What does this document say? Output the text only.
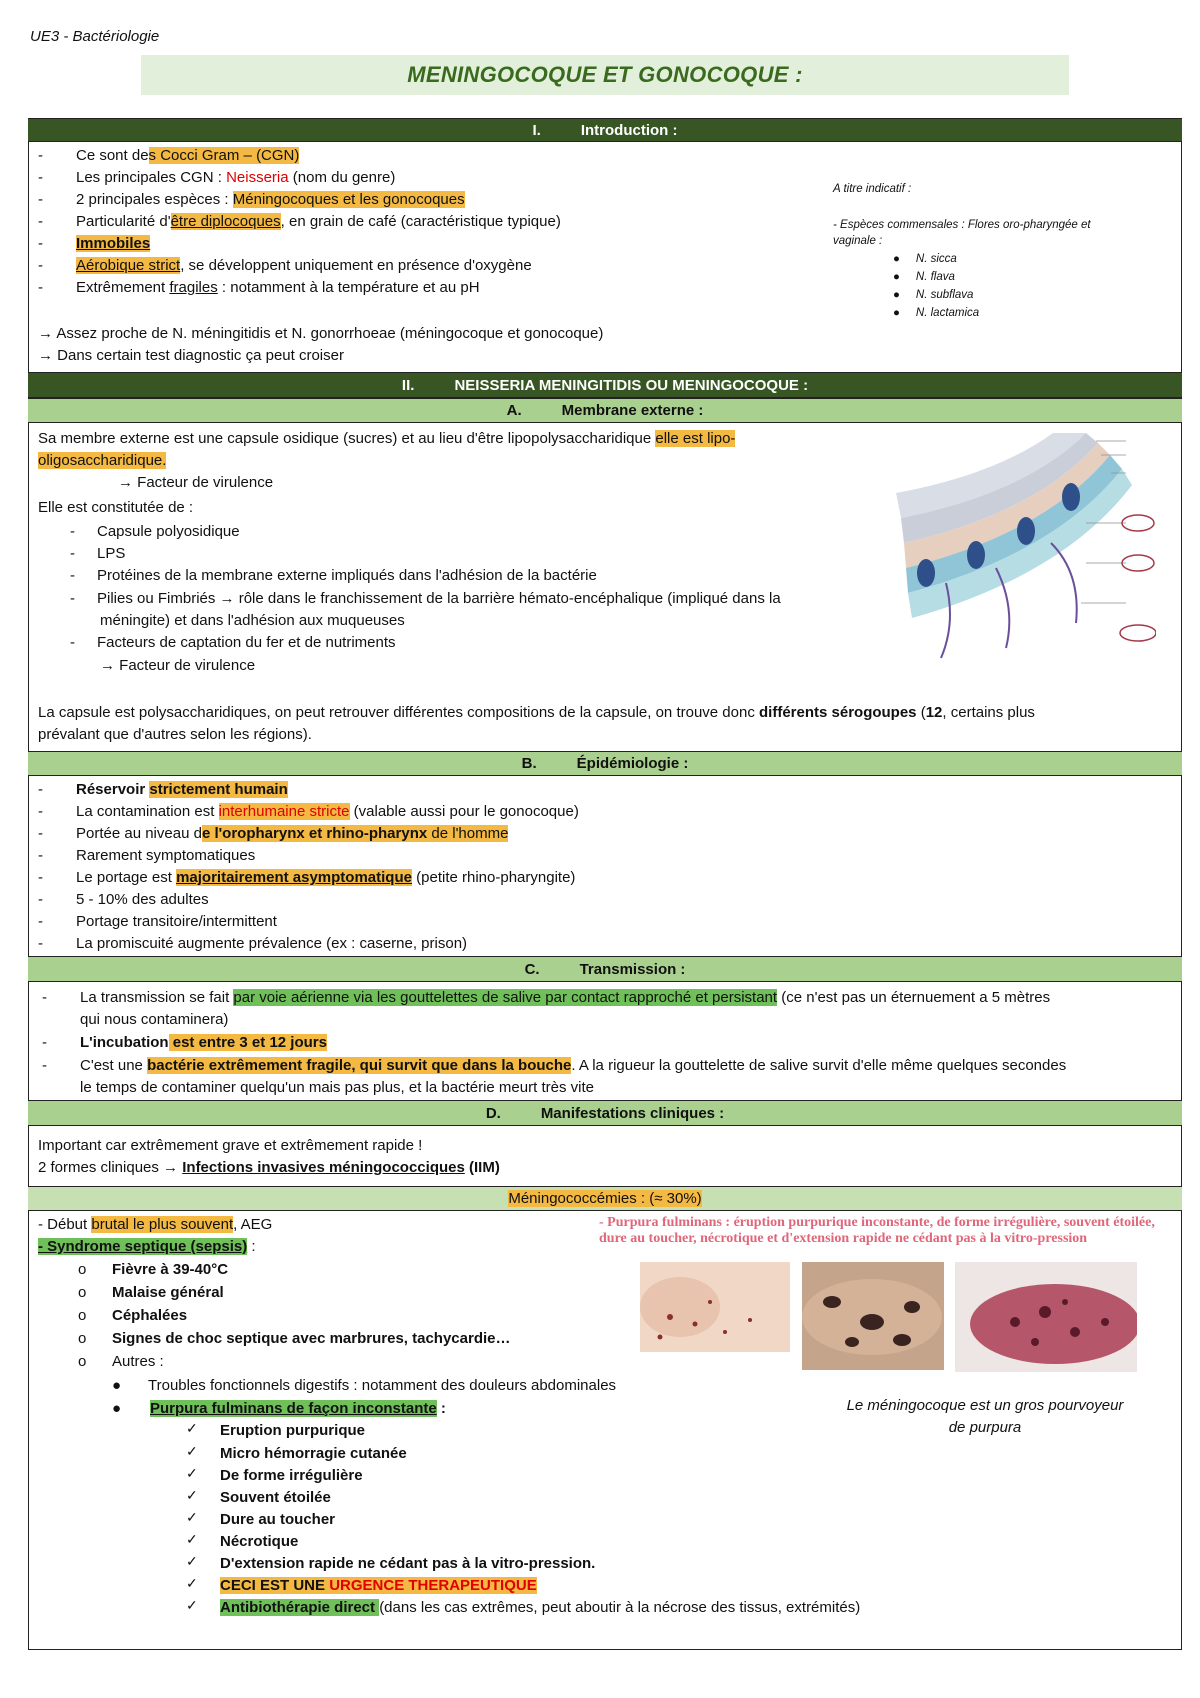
UE3 - Bactériologie
MENINGOCOQUE ET GONOCOQUE :
I.	Introduction :
- Ce sont des Cocci Gram – (CGN)
- Les principales CGN : Neisseria (nom du genre)
- 2 principales espèces : Méningocoques et les gonocoques
- Particularité d'être diplocoques, en grain de café (caractéristique typique)
- Immobiles
- Aérobique strict, se développent uniquement en présence d'oxygène
- Extrêmement fragiles : notamment à la température et au pH
→ Assez proche de N. méningitidis et N. gonorrhoeae (méningocoque et gonocoque)
→ Dans certain test diagnostic ça peut croiser
A titre indicatif :
- Espèces commensales : Flores oro-pharyngée et vaginale :
●     N. sicca
●     N. flava
●     N. subflava
●     N. lactamica
II.	NEISSERIA MENINGITIDIS OU MENINGOCOQUE :
A.	Membrane externe :
Sa membre externe est une capsule osidique (sucres) et au lieu d'être lipopolysaccharidique elle est lipo-
oligosaccharidique.
→ Facteur de virulence
Elle est constitutée de :
- Capsule polyosidique
- LPS
- Protéines de la membrane externe impliqués dans l'adhésion de la bactérie
- Pilies ou Fimbriés → rôle dans le franchissement de la barrière hémato-encéphalique (impliqué dans la
méningite) et dans l'adhésion aux muqueuses
- Facteurs de captation du fer et de nutriments
→ Facteur de virulence
La capsule est polysaccharidiques, on peut retrouver différentes compositions de la capsule, on trouve donc différents sérogoupes (12, certains plus
prévalant que d'autres selon les régions).
B.	Épidémiologie :
- Réservoir strictement humain
- La contamination est interhumaine stricte (valable aussi pour le gonocoque)
- Portée au niveau de l'oropharynx et rhino-pharynx de l'homme
- Rarement symptomatiques
- Le portage est majoritairement asymptomatique (petite rhino-pharyngite)
- 5 - 10% des adultes
- Portage transitoire/intermittent
- La promiscuité augmente prévalence (ex : caserne, prison)
C.	Transmission :
- La transmission se fait par voie aérienne via les gouttelettes de salive par contact rapproché et persistant (ce n'est pas un éternuement a 5 mètres
qui nous contaminera)
- L'incubation est entre 3 et 12 jours
- C'est une bactérie extrêmement fragile, qui survit que dans la bouche. A la rigueur la gouttelette de salive survit d'elle même quelques secondes
le temps de contaminer quelqu'un mais pas plus, et la bactérie meurt très vite
D.	Manifestations cliniques :
Important car extrêmement grave et extrêmement rapide !
2 formes cliniques → Infections invasives méningococciques (IIM)
Méningococcémies : (≈ 30%)
- Début brutal le plus souvent, AEG
- Syndrome septique (sepsis) :
o Fièvre à 39-40°C
o Malaise général
o Céphalées
o Signes de choc septique avec marbrures, tachycardie…
o Autres :
● Troubles fonctionnels digestifs : notamment des douleurs abdominales
● Purpura fulminans de façon inconstante :
✓ Eruption purpurique
✓ Micro hémorragie cutanée
✓ De forme irrégulière
✓ Souvent étoilée
✓ Dure au toucher
✓ Nécrotique
✓ D'extension rapide ne cédant pas à la vitro-pression.
✓ CECI EST UNE URGENCE THERAPEUTIQUE
✓ Antibiothérapie direct (dans les cas extrêmes, peut aboutir à la nécrose des tissus, extrémités)
- Purpura fulminans : éruption purpurique inconstante, de forme irrégulière, souvent étoilée, dure au toucher, nécrotique et d'extension rapide ne cédant pas à la vitro-pression
Le méningocoque est un gros pourvoyeur de purpura
